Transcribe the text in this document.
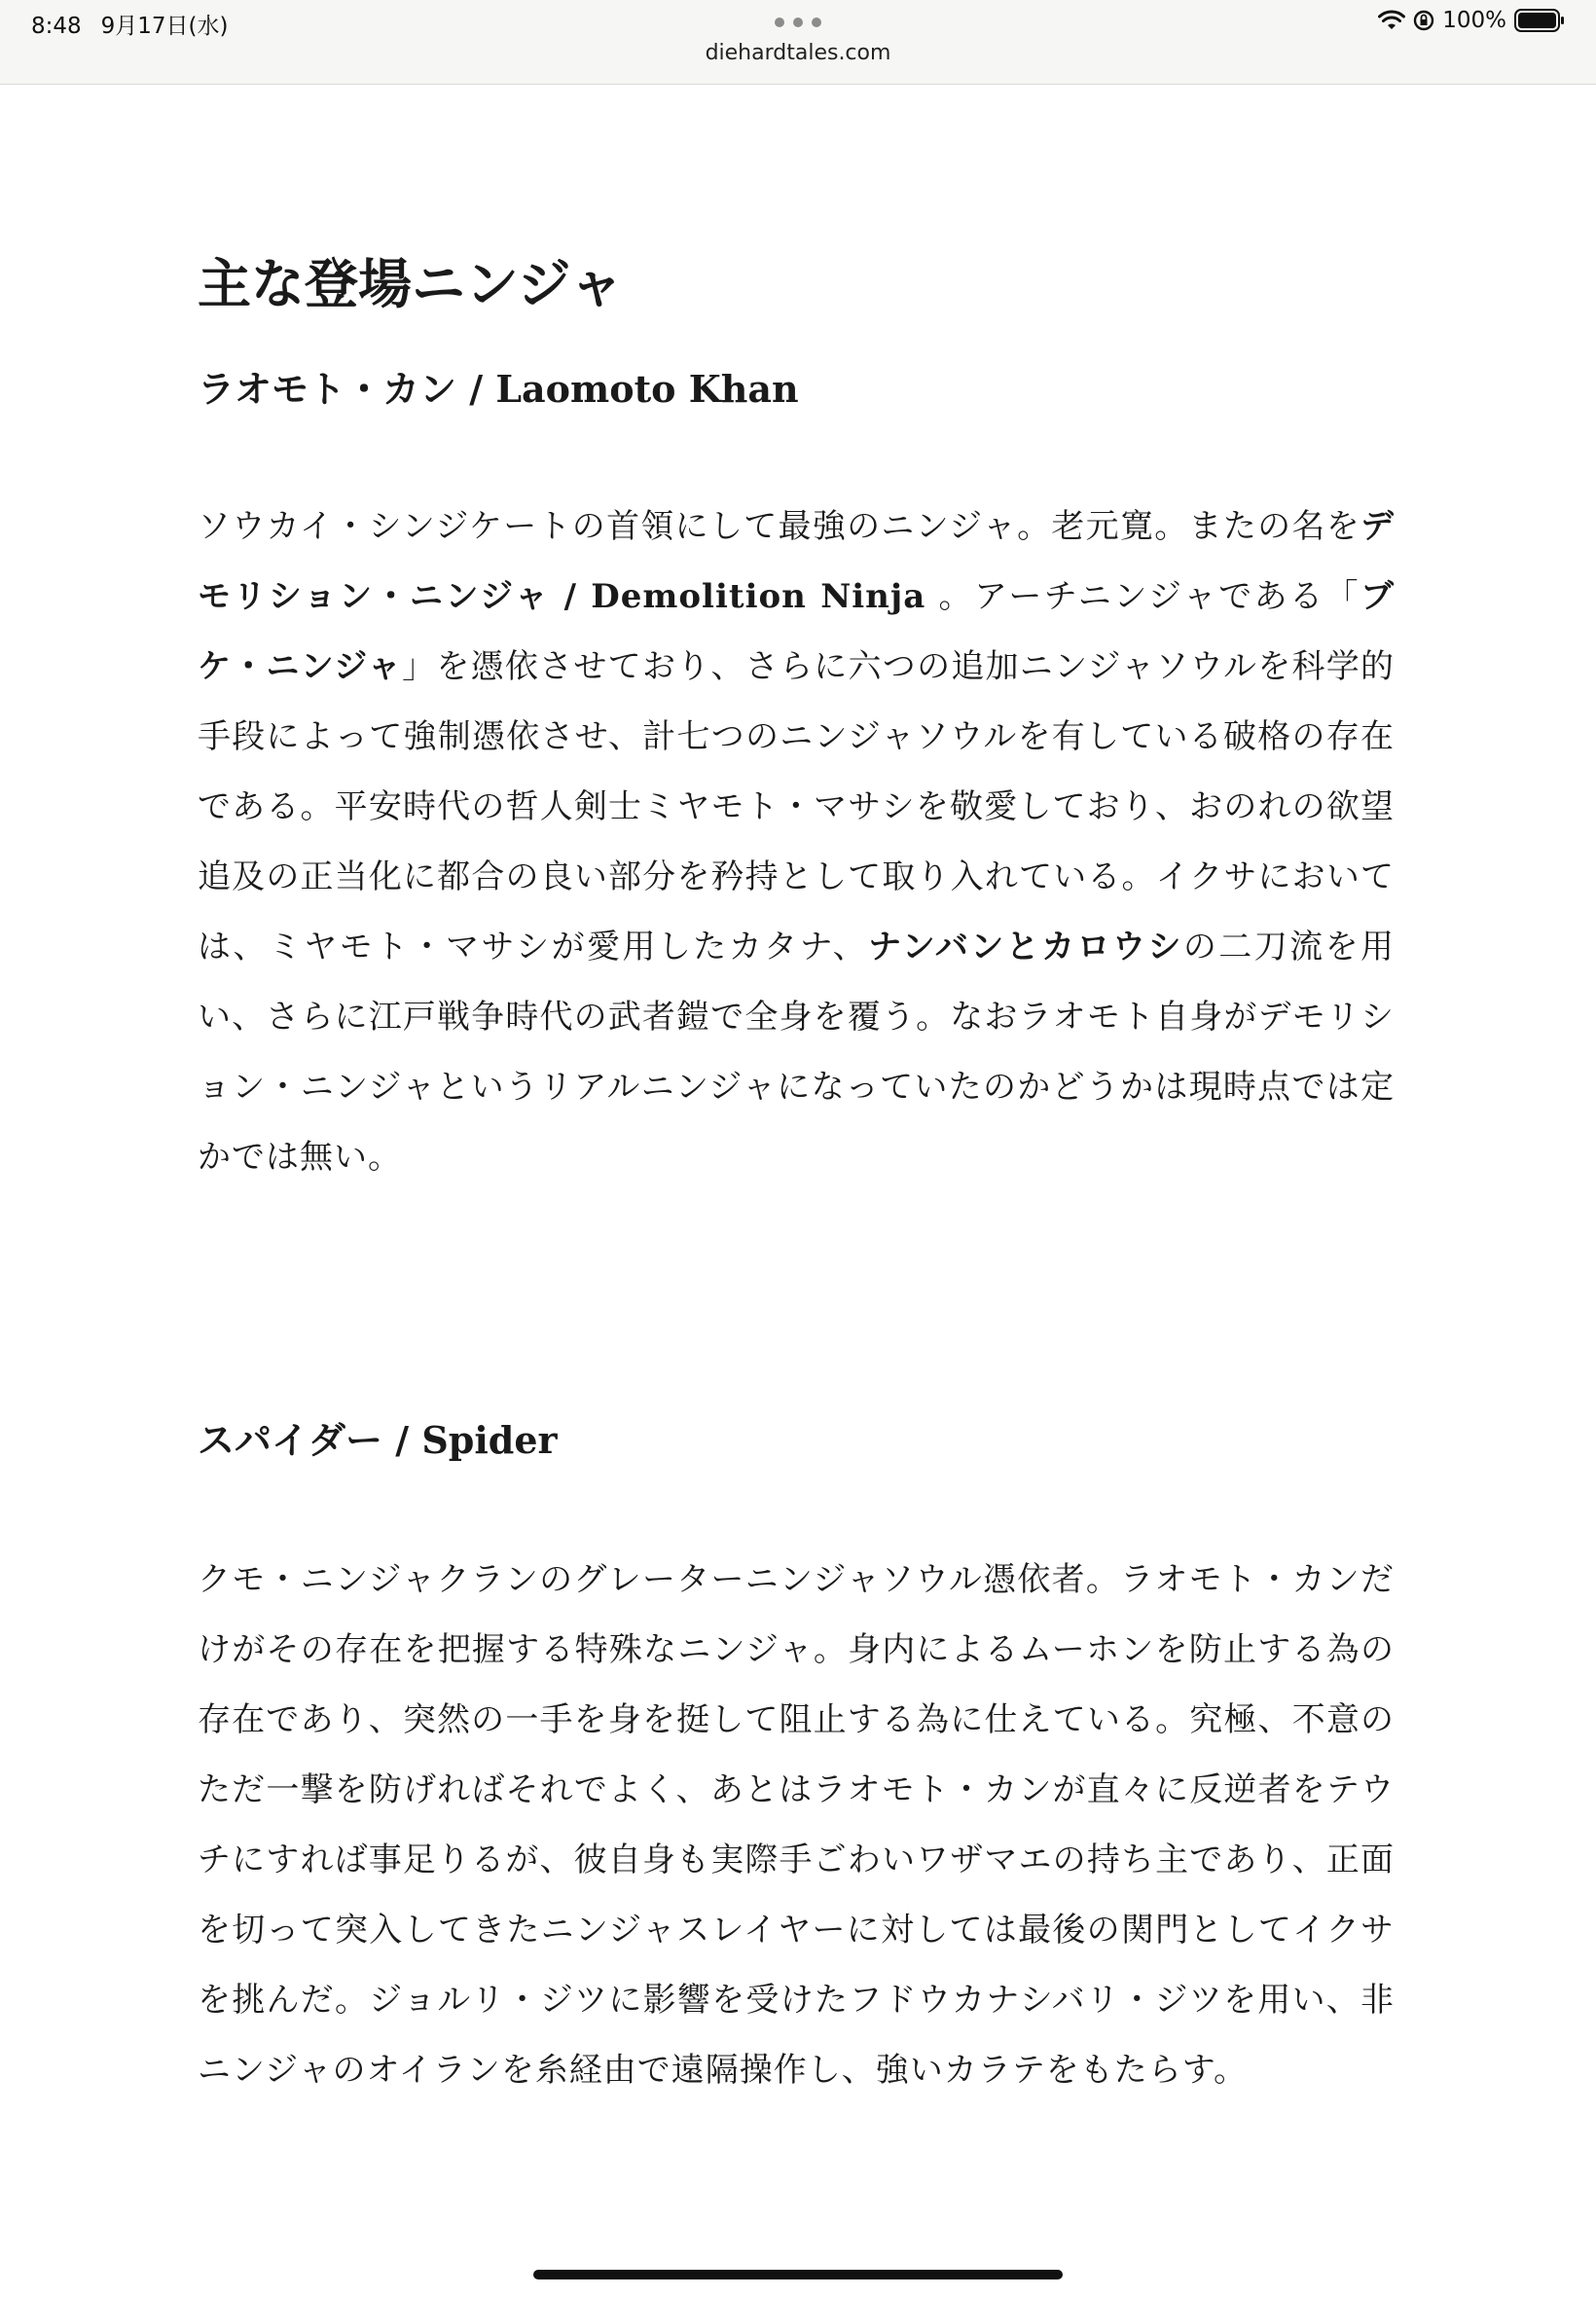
8:48 9月17日(水)
diehardtales.com
100%
主な登場ニンジャ
ラオモト・カン / Laomoto Khan

ソウカイ・シンジケートの首領にして最強のニンジャ。老元寛。またの名をデモリション・ニンジャ / Demolition Ninja 。アーチニンジャである「ブケ・ニンジャ」を憑依させており、さらに六つの追加ニンジャソウルを科学的手段によって強制憑依させ、計七つのニンジャソウルを有している破格の存在である。平安時代の哲人剣士ミヤモト・マサシを敬愛しており、おのれの欲望追及の正当化に都合の良い部分を矜持として取り入れている。イクサにおいては、ミヤモト・マサシが愛用したカタナ、ナンバンとカロウシの二刀流を用い、さらに江戸戦争時代の武者鎧で全身を覆う。なおラオモト自身がデモリション・ニンジャというリアルニンジャになっていたのかどうかは現時点では定かでは無い。

スパイダー / Spider

クモ・ニンジャクランのグレーターニンジャソウル憑依者。ラオモト・カンだけがその存在を把握する特殊なニンジャ。身内によるムーホンを防止する為の存在であり、突然の一手を身を挺して阻止する為に仕えている。究極、不意のただ一撃を防げればそれでよく、あとはラオモト・カンが直々に反逆者をテウチにすれば事足りるが、彼自身も実際手ごわいワザマエの持ち主であり、正面を切って突入してきたニンジャスレイヤーに対しては最後の関門としてイクサを挑んだ。ジョルリ・ジツに影響を受けたフドウカナシバリ・ジツを用い、非ニンジャのオイランを糸経由で遠隔操作し、強いカラテをもたらす。
